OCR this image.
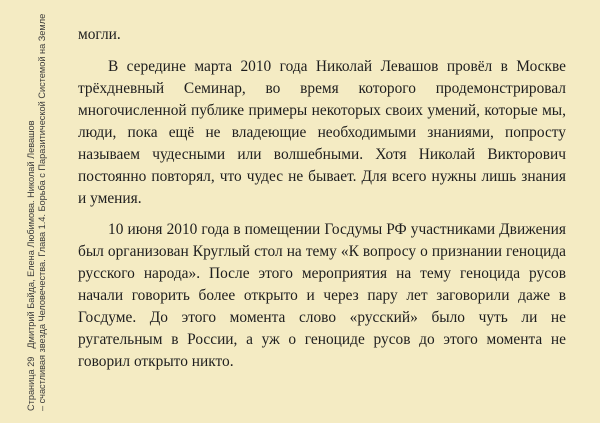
Страница 29Дмитрий Байда, Елена Любимова. Николай Левашов – счастливая звезда Человечества. Глава 1.4. Борьба с Паразитической Системой на Земле могли.

В середине марта 2010 года Николай Левашов провёл в Москве трёхдневный Семинар, во время которого продемонстрировал многочисленной публике примеры некоторых своих умений, которые мы, люди, пока ещё не владеющие необходимыми знаниями, попросту называем чудесными или волшебными. Хотя Николай Викторович постоянно повторял, что чудес не бывает. Для всего нужны лишь знания и умения.

10 июня 2010 года в помещении Госдумы РФ участниками Движения был организован Круглый стол на тему «К вопросу о признании геноцида русского народа». После этого мероприятия на тему геноцида русов начали говорить более открыто и через пару лет заговорили даже в Госдуме. До этого момента слово «русский» было чуть ли не ругательным в России, а уж о геноциде русов до этого момента не говорил открыто никто.
